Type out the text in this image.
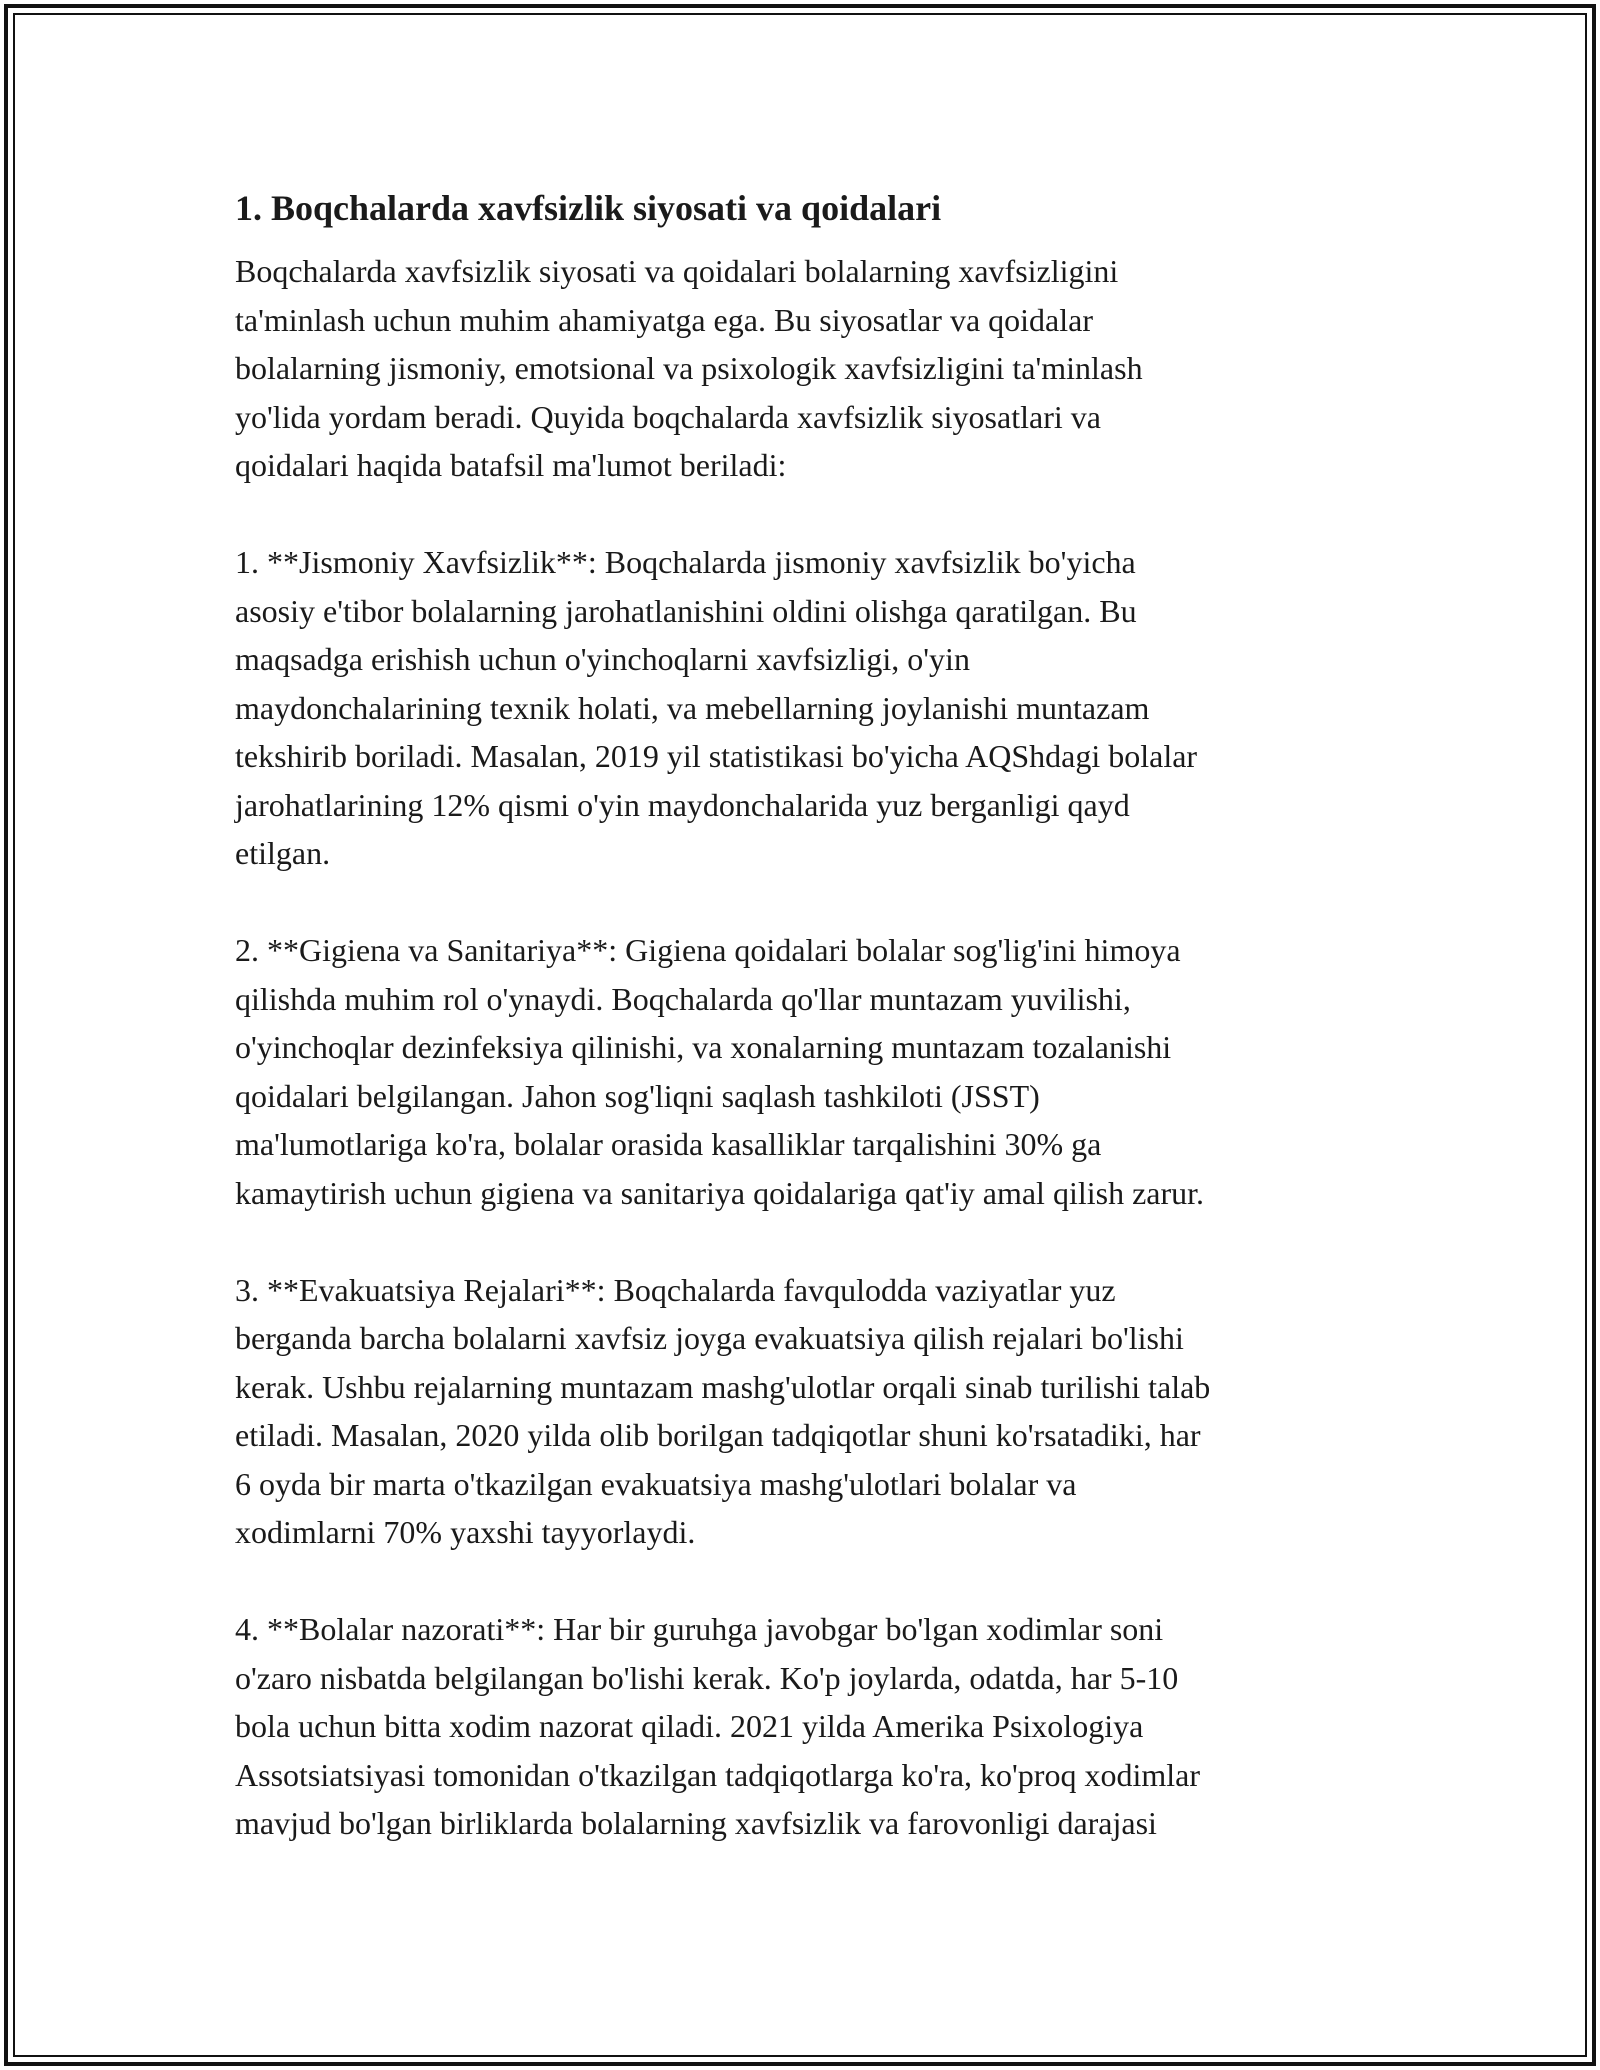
1. Boqchalarda xavfsizlik siyosati va qoidalari
Boqchalarda xavfsizlik siyosati va qoidalari bolalarning xavfsizligini
ta'minlash uchun muhim ahamiyatga ega. Bu siyosatlar va qoidalar
bolalarning jismoniy, emotsional va psixologik xavfsizligini ta'minlash
yo'lida yordam beradi. Quyida boqchalarda xavfsizlik siyosatlari va
qoidalari haqida batafsil ma'lumot beriladi:
1. **Jismoniy Xavfsizlik**: Boqchalarda jismoniy xavfsizlik bo'yicha
asosiy e'tibor bolalarning jarohatlanishini oldini olishga qaratilgan. Bu
maqsadga erishish uchun o'yinchoqlarni xavfsizligi, o'yin
maydonchalarining texnik holati, va mebellarning joylanishi muntazam
tekshirib boriladi. Masalan, 2019 yil statistikasi bo'yicha AQShdagi bolalar
jarohatlarining 12% qismi o'yin maydonchalarida yuz berganligi qayd
etilgan.
2. **Gigiena va Sanitariya**: Gigiena qoidalari bolalar sog'lig'ini himoya
qilishda muhim rol o'ynaydi. Boqchalarda qo'llar muntazam yuvilishi,
o'yinchoqlar dezinfeksiya qilinishi, va xonalarning muntazam tozalanishi
qoidalari belgilangan. Jahon sog'liqni saqlash tashkiloti (JSST)
ma'lumotlariga ko'ra, bolalar orasida kasalliklar tarqalishini 30% ga
kamaytirish uchun gigiena va sanitariya qoidalariga qat'iy amal qilish zarur.
3. **Evakuatsiya Rejalari**: Boqchalarda favqulodda vaziyatlar yuz
berganda barcha bolalarni xavfsiz joyga evakuatsiya qilish rejalari bo'lishi
kerak. Ushbu rejalarning muntazam mashg'ulotlar orqali sinab turilishi talab
etiladi. Masalan, 2020 yilda olib borilgan tadqiqotlar shuni ko'rsatadiki, har
6 oyda bir marta o'tkazilgan evakuatsiya mashg'ulotlari bolalar va
xodimlarni 70% yaxshi tayyorlaydi.
4. **Bolalar nazorati**: Har bir guruhga javobgar bo'lgan xodimlar soni
o'zaro nisbatda belgilangan bo'lishi kerak. Ko'p joylarda, odatda, har 5-10
bola uchun bitta xodim nazorat qiladi. 2021 yilda Amerika Psixologiya
Assotsiatsiyasi tomonidan o'tkazilgan tadqiqotlarga ko'ra, ko'proq xodimlar
mavjud bo'lgan birliklarda bolalarning xavfsizlik va farovonligi darajasi
